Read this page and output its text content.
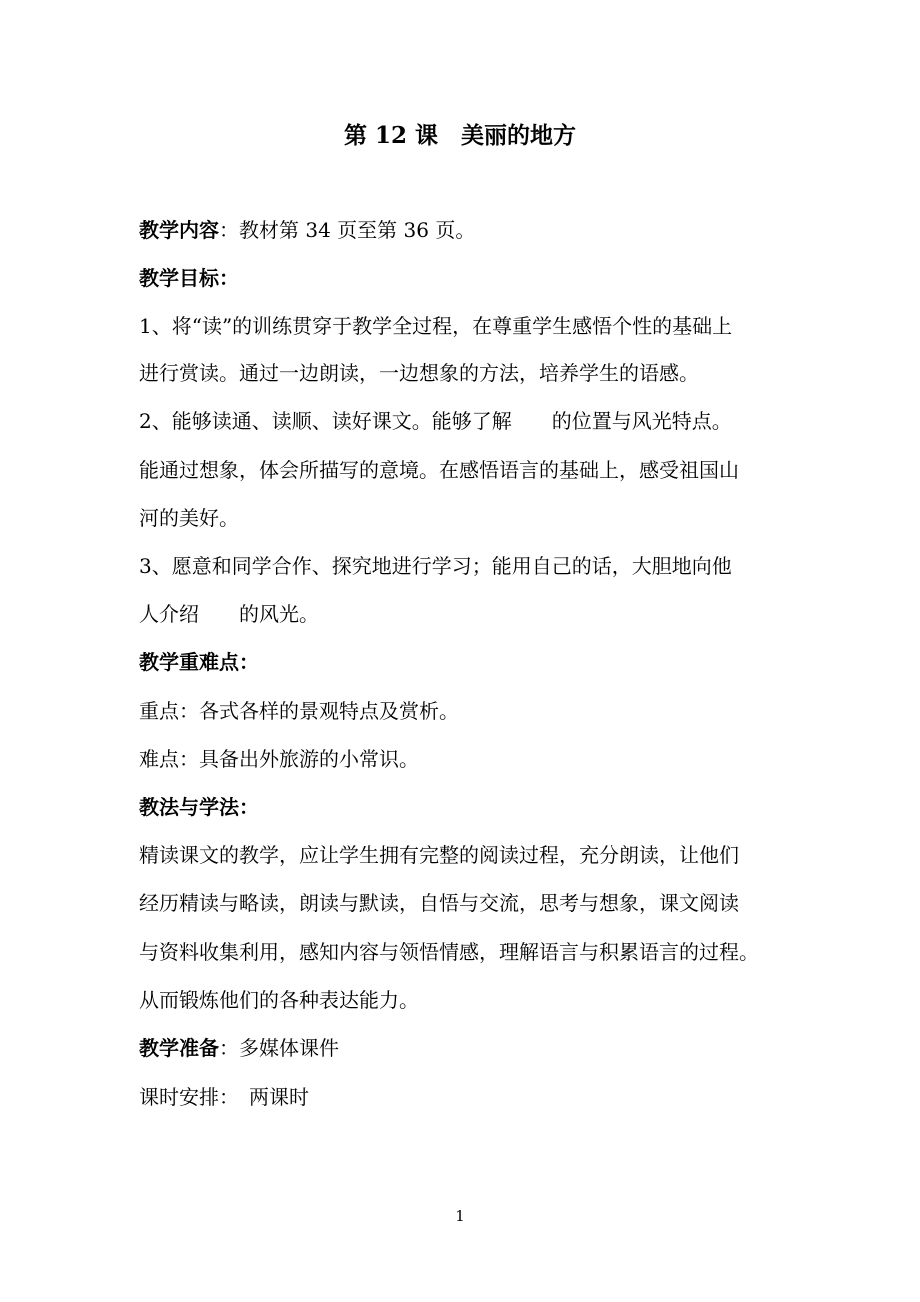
第 12 课　美丽的地方
教学内容：教材第 34 页至第 36 页。
教学目标：
1、将“读”的训练贯穿于教学全过程，在尊重学生感悟个性的基础上
进行赏读。通过一边朗读，一边想象的方法，培养学生的语感。
2、能够读通、读顺、读好课文。能够了解　　的位置与风光特点。
能通过想象，体会所描写的意境。在感悟语言的基础上，感受祖国山
河的美好。
3、愿意和同学合作、探究地进行学习；能用自己的话，大胆地向他
人介绍　　的风光。
教学重难点：
重点：各式各样的景观特点及赏析。
难点：具备出外旅游的小常识。
教法与学法：
精读课文的教学，应让学生拥有完整的阅读过程，充分朗读，让他们
经历精读与略读，朗读与默读，自悟与交流，思考与想象，课文阅读
与资料收集利用，感知内容与领悟情感，理解语言与积累语言的过程。
从而锻炼他们的各种表达能力。
教学准备：多媒体课件
课时安排：　两课时
1
